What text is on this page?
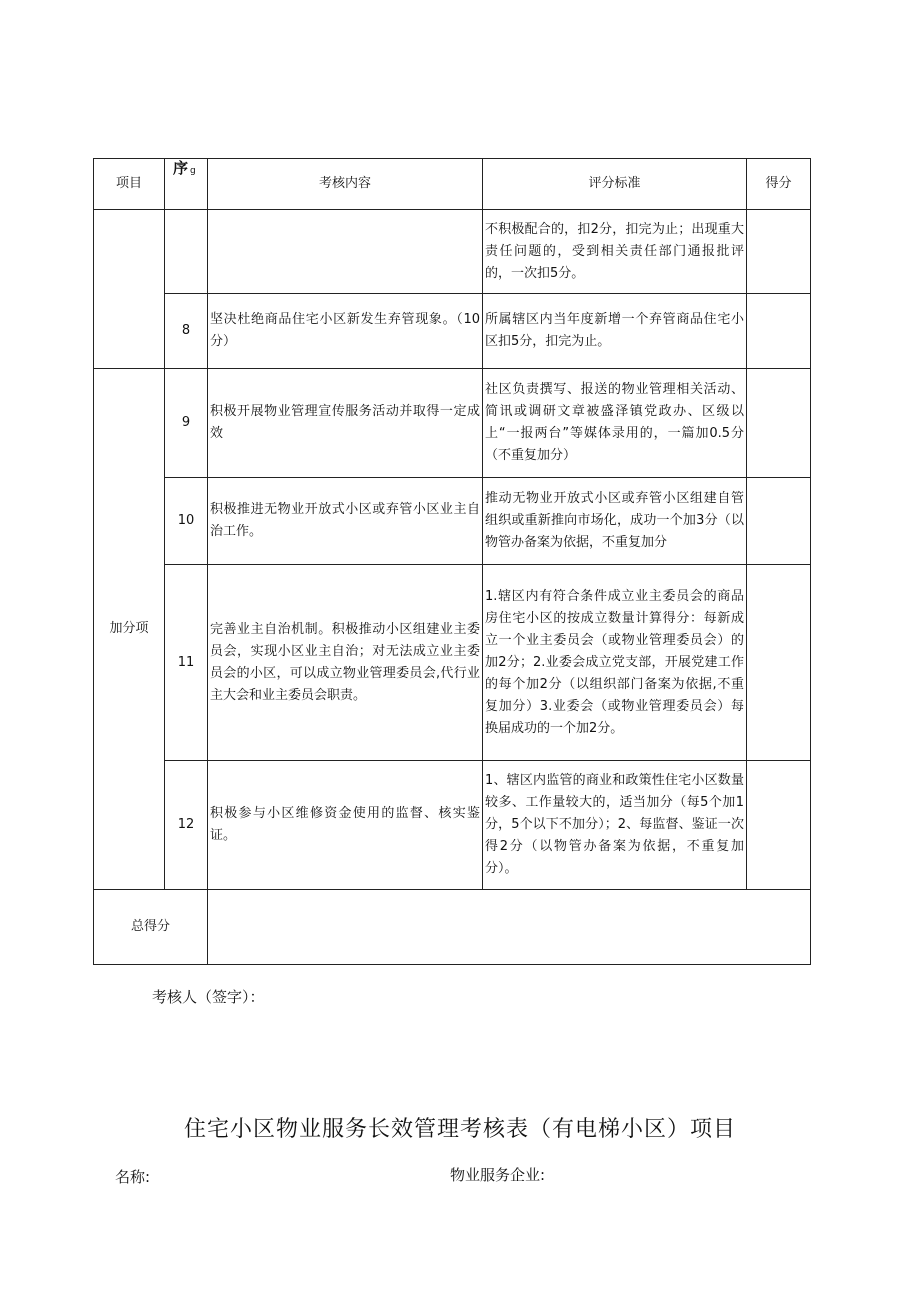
项目	序g	考核内容	评分标准	得分
			不积极配合的，扣2分，扣完为止；出现重大责任问题的，受到相关责任部门通报批评的，一次扣5分。	
	8	坚决杜绝商品住宅小区新发生弃管现象。（10分）	所属辖区内当年度新增一个弃管商品住宅小区扣5分，扣完为止。	
加分项	9	积极开展物业管理宣传服务活动并取得一定成效	社区负责撰写、报送的物业管理相关活动、简讯或调研文章被盛泽镇党政办、区级以上“一报两台”等媒体录用的，一篇加0.5分（不重复加分）	
	10	积极推进无物业开放式小区或弃管小区业主自治工作。	推动无物业开放式小区或弃管小区组建自管组织或重新推向市场化，成功一个加3分（以物管办备案为依据，不重复加分	
	11	完善业主自治机制。积极推动小区组建业主委员会，实现小区业主自治；对无法成立业主委员会的小区，可以成立物业管理委员会,代行业主大会和业主委员会职责。	1.辖区内有符合条件成立业主委员会的商品房住宅小区的按成立数量计算得分：每新成立一个业主委员会（或物业管理委员会）的加2分；2.业委会成立党支部，开展党建工作的每个加2分（以组织部门备案为依据,不重复加分）3.业委会（或物业管理委员会）每换届成功的一个加2分。	
	12	积极参与小区维修资金使用的监督、核实鉴证。	1、辖区内监管的商业和政策性住宅小区数量较多、工作量较大的，适当加分（每5个加1分，5个以下不加分）；2、每监督、鉴证一次得2分（以物管办备案为依据，不重复加分）。	
总得分				
考核人（签字）：
住宅小区物业服务长效管理考核表（有电梯小区）项目
名称:	物业服务企业:
